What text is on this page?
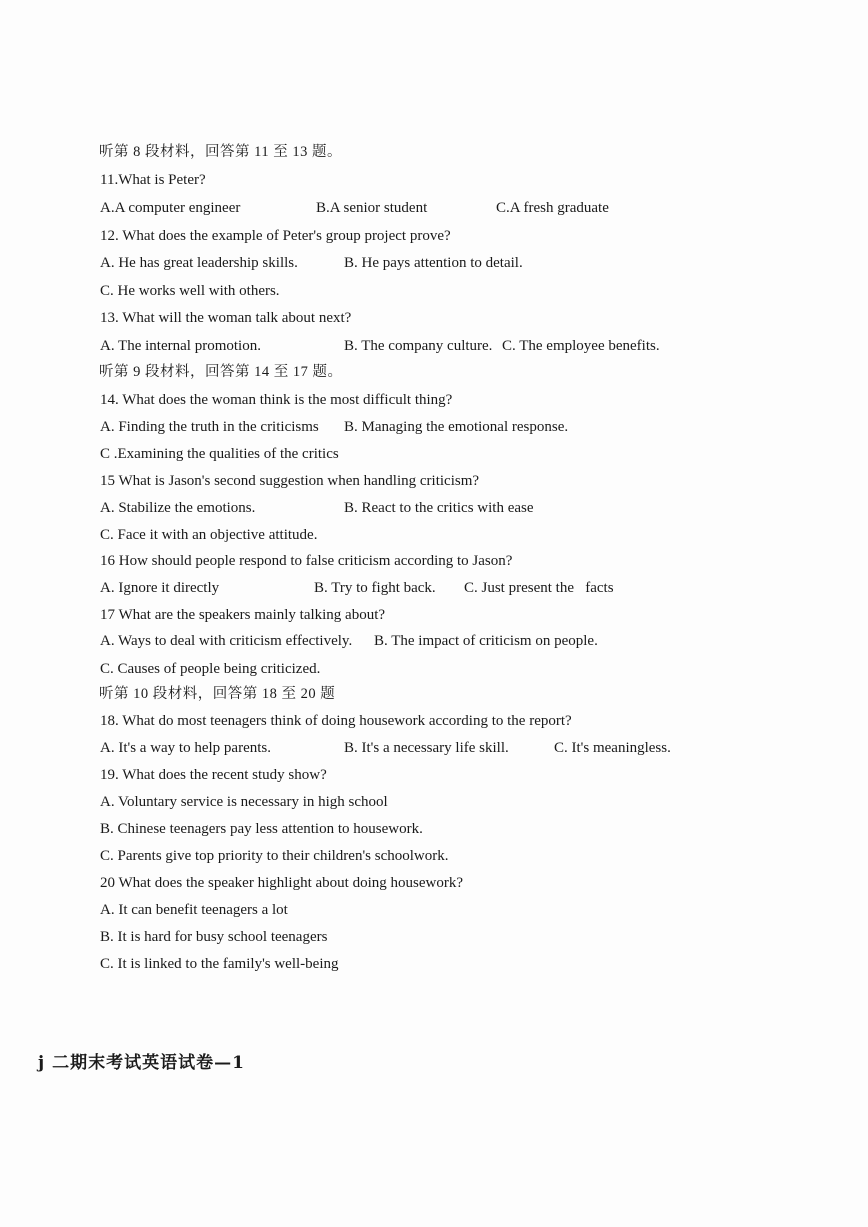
听第 8 段材料，回答第 11 至 13 题。
11.What is Peter?
A.A computer engineer	B.A senior student	C.A fresh graduate
12. What does the example of Peter's group project prove?
A. He has great leadership skills.	B. He pays attention to detail.
C. He works well with others.
13. What will the woman talk about next?
A. The internal promotion.	B. The company culture. C. The employee benefits.
听第 9 段材料，回答第 14 至 17 题。
14. What does the woman think is the most difficult thing?
A. Finding the truth in the criticisms B. Managing the emotional response.
C .Examining the qualities of the critics
15 What is Jason's second suggestion when handling criticism?
A. Stabilize the emotions.	B. React to the critics with ease
C. Face it with an objective attitude.
16 How should people respond to false criticism according to Jason?
A. Ignore it directly	B. Try to fight back. C. Just present the   facts
17 What are the speakers mainly talking about?
A. Ways to deal with criticism effectively. B. The impact of criticism on people.
C. Causes of people being criticized.
听第 10 段材料，回答第 18 至 20 题
18. What do most teenagers think of doing housework according to the report?
A. It's a way to help parents.	B. It's a necessary life skill.	C. It's meaningless.
19. What does the recent study show?
A. Voluntary service is necessary in high school
B. Chinese teenagers pay less attention to housework.
C. Parents give top priority to their children's schoolwork.
20 What does the speaker highlight about doing housework?
A. It can benefit teenagers a lot
B. It is hard for busy school teenagers
C. It is linked to the family's well-being
j 二期末考试英语试卷—1
